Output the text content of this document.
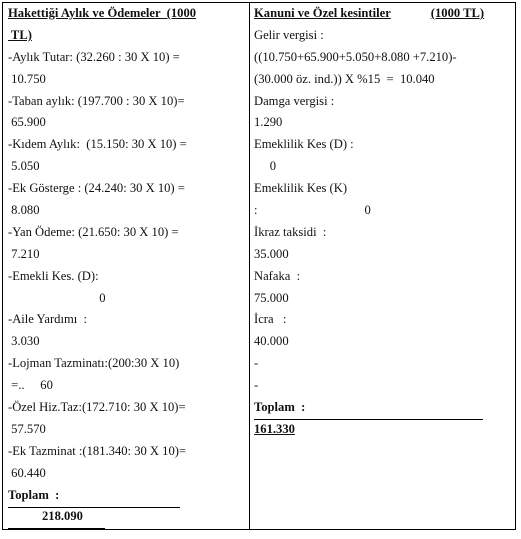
Hakettiği Aylık ve Ödemeler  (1000
TL)
-Aylık Tutar: (32.260 : 30 X 10) =
10.750
-Taban aylık: (197.700 : 30 X 10)=
65.900
-Kıdem Aylık:  (15.150: 30 X 10) =
5.050
-Ek Gösterge : (24.240: 30 X 10) =
8.080
-Yan Ödeme: (21.650: 30 X 10) =
7.210
-Emekli Kes. (D):
0
-Aile Yardımı  :
3.030
-Lojman Tazminatı:(200:30 X 10)
=..     60
-Özel Hiz.Taz:(172.710: 30 X 10)=
57.570
-Ek Tazminat :(181.340: 30 X 10)=
60.440
Toplam  :
218.090
Kanuni ve Özel kesintiler	(1000 TL)
Gelir vergisi :
((10.750+65.900+5.050+8.080 +7.210)-
(30.000 öz. ind.)) X %15  =  10.040
Damga vergisi :
1.290
Emeklilik Kes (D) :
0
Emeklilik Kes (K)
:                                  0
İkraz taksidi  :
35.000
Nafaka  :
75.000
İcra   :
40.000
-
-
Toplam  :
161.330
